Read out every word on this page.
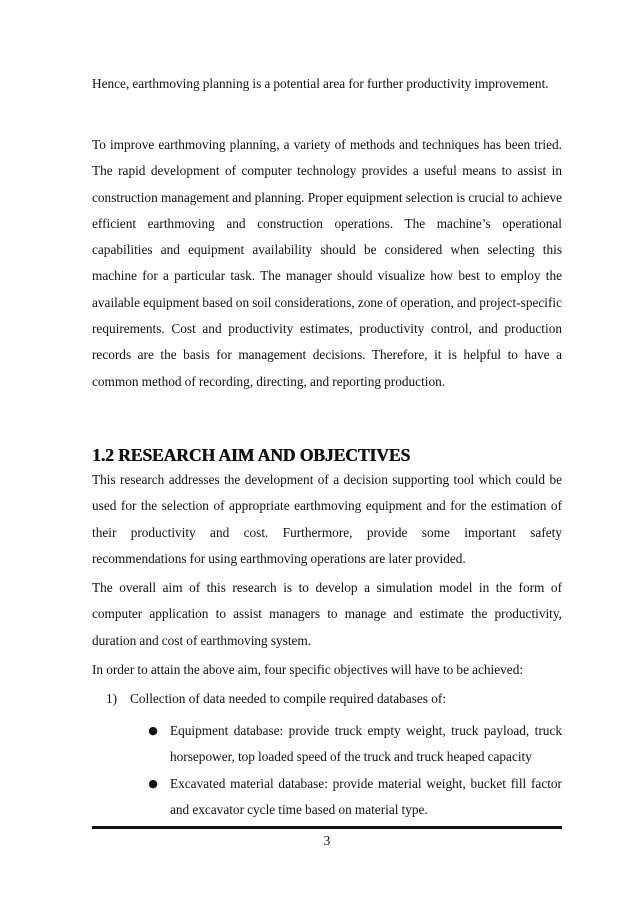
Hence, earthmoving planning is a potential area for further productivity improvement.

To improve earthmoving planning, a variety of methods and techniques has been tried. The rapid development of computer technology provides a useful means to assist in construction management and planning. Proper equipment selection is crucial to achieve efficient earthmoving and construction operations. The machine’s operational capabilities and equipment availability should be considered when selecting this machine for a particular task. The manager should visualize how best to employ the available equipment based on soil considerations, zone of operation, and project-specific requirements. Cost and productivity estimates, productivity control, and production records are the basis for management decisions. Therefore, it is helpful to have a common method of recording, directing, and reporting production.

1.2 RESEARCH AIM AND OBJECTIVES

This research addresses the development of a decision supporting tool which could be used for the selection of appropriate earthmoving equipment and for the estimation of their productivity and cost. Furthermore, provide some important safety recommendations for using earthmoving operations are later provided.

The overall aim of this research is to develop a simulation model in the form of computer application to assist managers to manage and estimate the productivity, duration and cost of earthmoving system.

In order to attain the above aim, four specific objectives will have to be achieved:

1) Collection of data needed to compile required databases of:
● Equipment database: provide truck empty weight, truck payload, truck horsepower, top loaded speed of the truck and truck heaped capacity
● Excavated material database: provide material weight, bucket fill factor and excavator cycle time based on material type.
3
